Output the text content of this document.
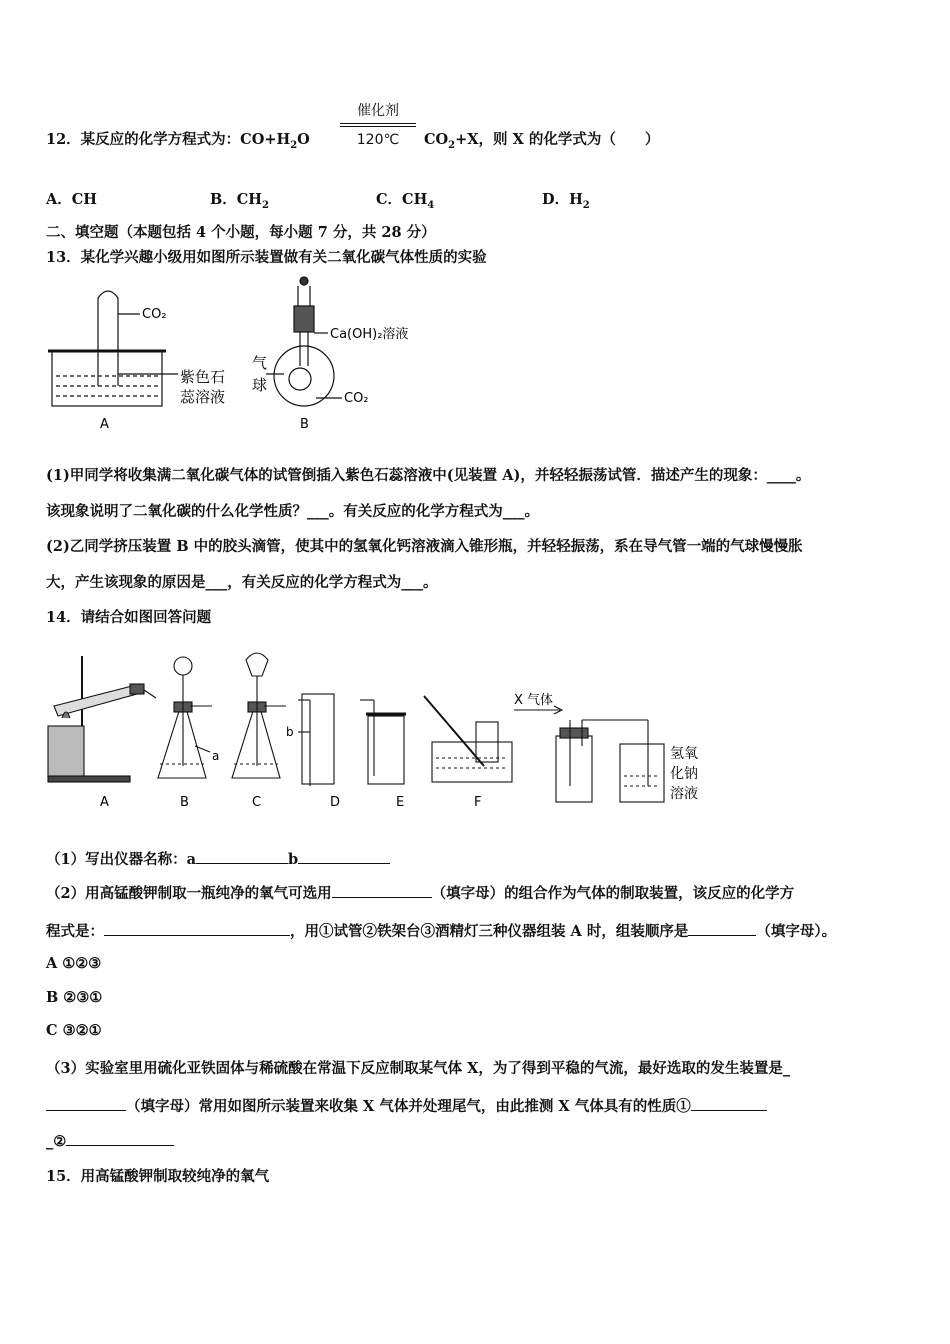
12．某反应的化学方程式为：$CO+H_2O$
催化剂
120℃	$CO_2+X$，则 X 的化学式为（　　）
A．CH	B．$CH_2$	C．$CH_4$	D．$H_2$
二、填空题（本题包括 4 个小题，每小题 7 分，共 28 分）
13．某化学兴趣小级用如图所示装置做有关二氧化碳气体性质的实验
CO₂
紫色石
蕊溶液
A
Ca(OH)₂溶液
气
球
CO₂
B
(1)甲同学将收集满二氧化碳气体的试管倒插入紫色石蕊溶液中(见装置 A)，并轻轻振荡试管．描述产生的现象：____。
该现象说明了二氧化碳的什么化学性质？___。有关反应的化学方程式为___。
(2)乙同学挤压装置 B 中的胶头滴管，使其中的氢氧化钙溶液滴入锥形瓶，并轻轻振荡，系在导气管一端的气球慢慢胀
大，产生该现象的原因是___，有关反应的化学方程式为___。
14．请结合如图回答问题
a
b
X 气体
氢氧
化钠
溶液
A	B	C	D	E	F
（1）写出仪器名称：a	b
（2）用高锰酸钾制取一瓶纯净的氧气可选用	（填字母）的组合作为气体的制取装置，该反应的化学方
程式是：	，用①试管②铁架台③酒精灯三种仪器组装 A 时，组装顺序是	（填字母）。
A ①②③
B ②③①
C ③②①
（3）实验室里用硫化亚铁固体与稀硫酸在常温下反应制取某气体 X，为了得到平稳的气流，最好选取的发生装置是_
（填字母）常用如图所示装置来收集 X 气体并处理尾气，由此推测 X 气体具有的性质①
_②
15．用高锰酸钾制取较纯净的氧气
